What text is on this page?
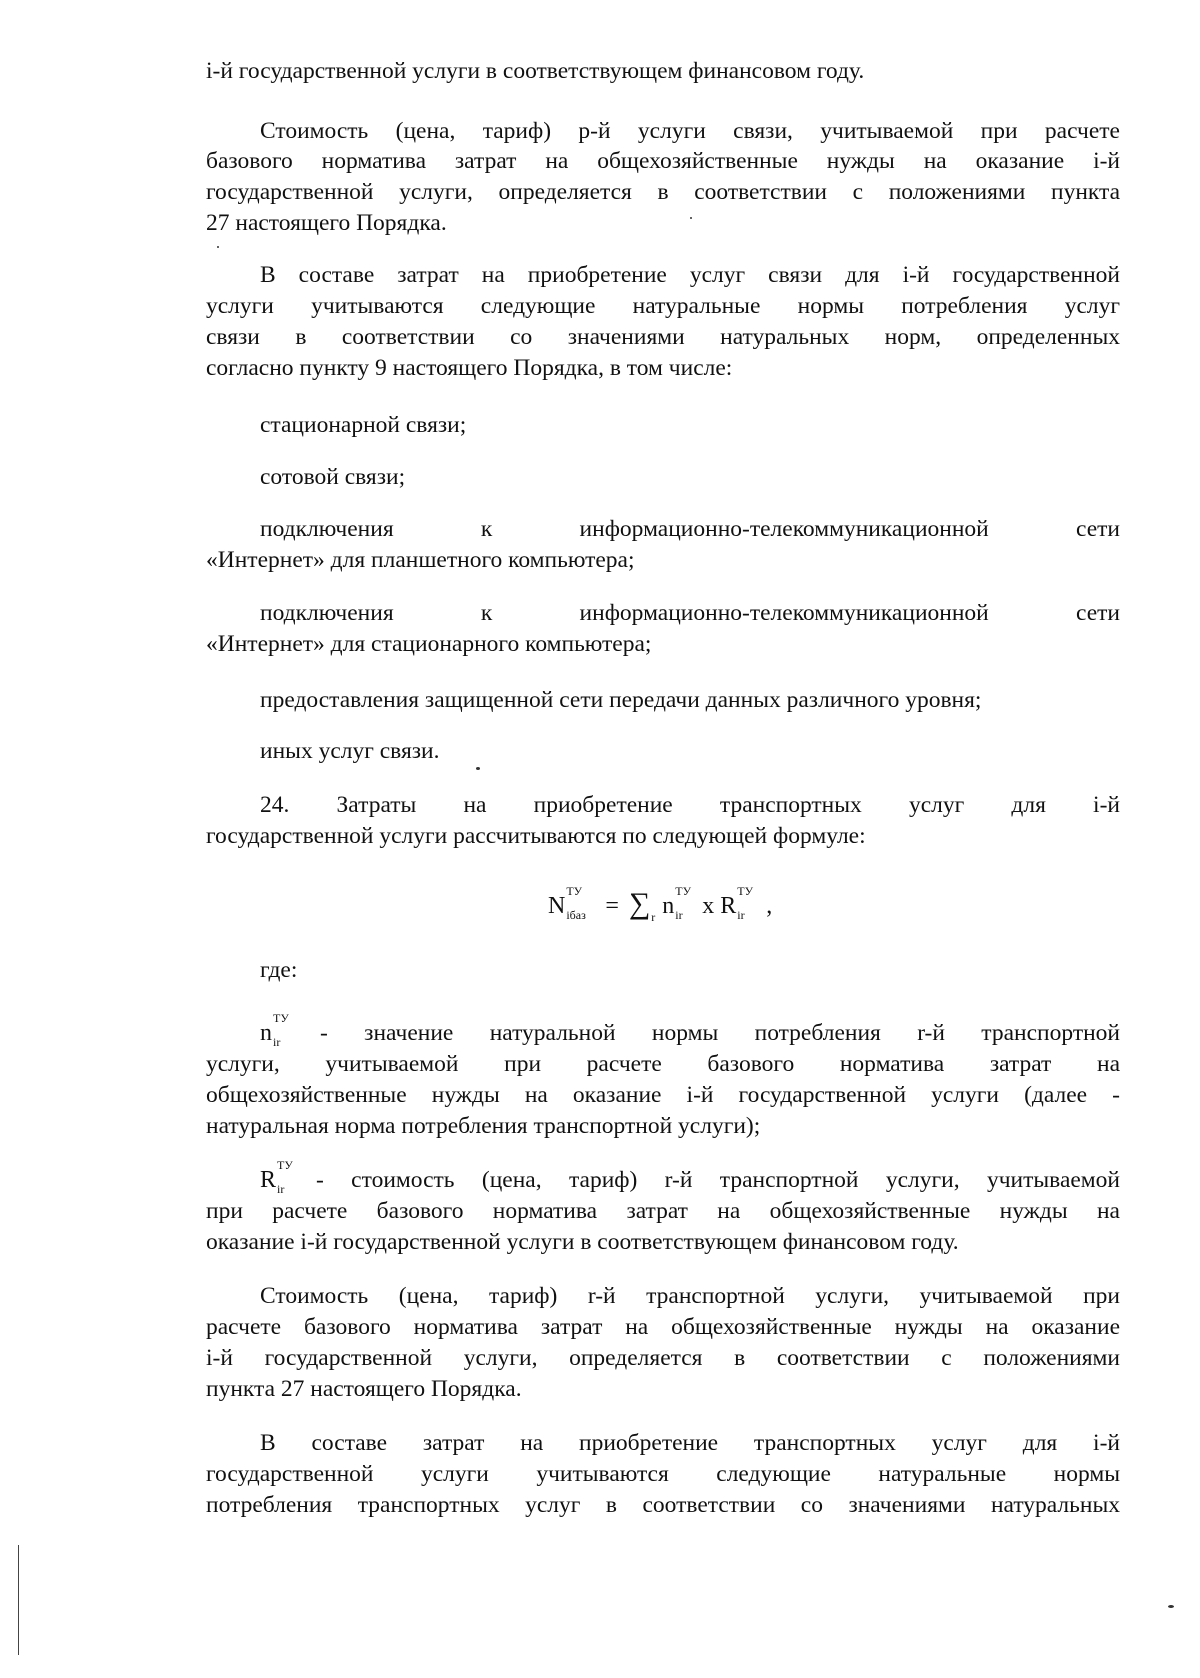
i-й государственной услуги в соответствующем финансовом году.
Стоимость (цена, тариф) p-й услуги связи, учитываемой при расчете
базового норматива затрат на общехозяйственные нужды на оказание i-й
государственной услуги, определяется в соответствии с положениями пункта
27 настоящего Порядка.
В составе затрат на приобретение услуг связи для i-й государственной
услуги учитываются следующие натуральные нормы потребления услуг
связи в соответствии со значениями натуральных норм, определенных
согласно пункту 9 настоящего Порядка, в том числе:
стационарной связи;
сотовой связи;
подключения к информационно-телекоммуникационной сети
«Интернет» для планшетного компьютера;
подключения к информационно-телекоммуникационной сети
«Интернет» для стационарного компьютера;
предоставления защищенной сети передачи данных различного уровня;
иных услуг связи.
24. Затраты на приобретение транспортных услуг для i-й
государственной услуги рассчитываются по следующей формуле:
N
ТУ
iбаз = ∑ r n
ТУ
ir x R
ТУ
ir ,
где:
n
ТУ
ir - значение натуральной нормы потребления r-й транспортной
услуги, учитываемой при расчете базового норматива затрат на
общехозяйственные нужды на оказание i-й государственной услуги (далее -
натуральная норма потребления транспортной услуги);
R
ТУ
ir - стоимость (цена, тариф) r-й транспортной услуги, учитываемой
при расчете базового норматива затрат на общехозяйственные нужды на
оказание i-й государственной услуги в соответствующем финансовом году.
Стоимость (цена, тариф) r-й транспортной услуги, учитываемой при
расчете базового норматива затрат на общехозяйственные нужды на оказание
i-й государственной услуги, определяется в соответствии с положениями
пункта 27 настоящего Порядка.
В составе затрат на приобретение транспортных услуг для i-й
государственной услуги учитываются следующие натуральные нормы
потребления транспортных услуг в соответствии со значениями натуральных
